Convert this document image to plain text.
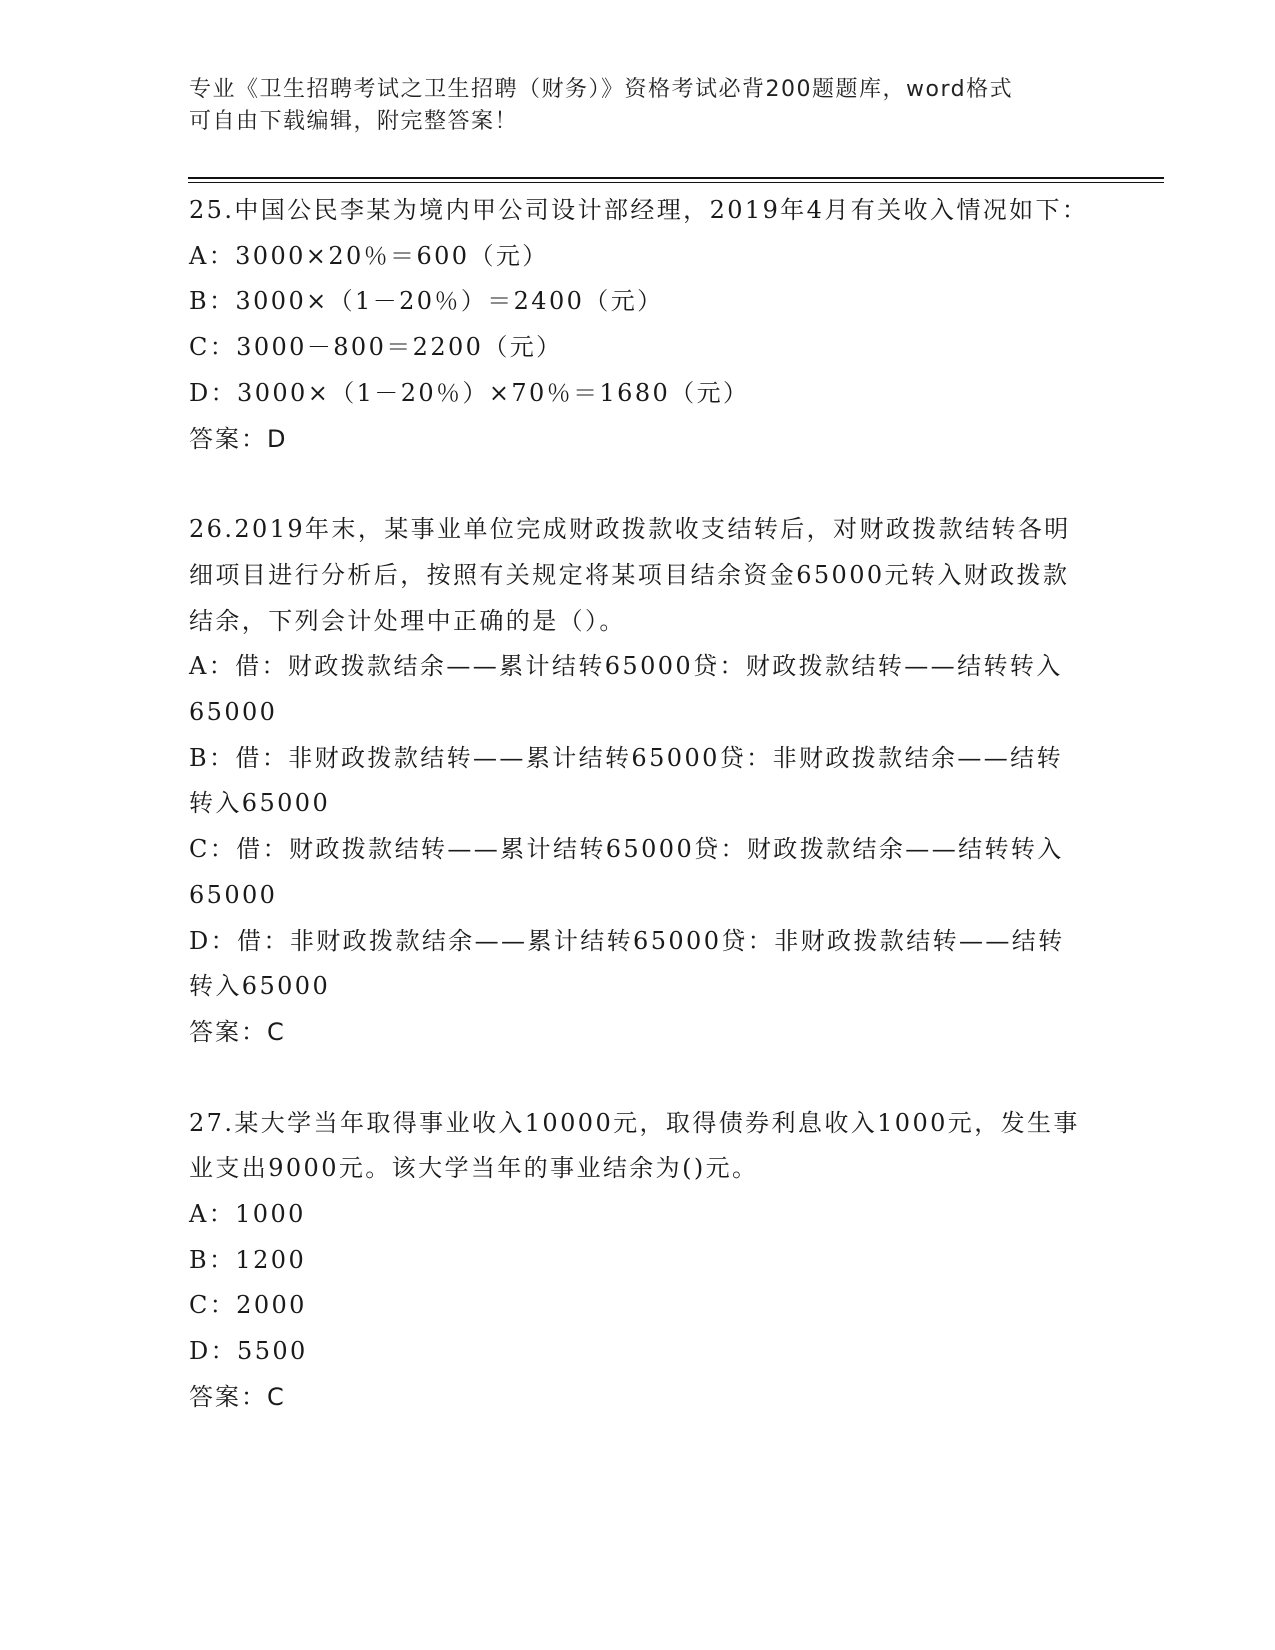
专业《卫生招聘考试之卫生招聘（财务）》资格考试必背200题题库，word格式
可自由下载编辑，附完整答案！

25.中国公民李某为境内甲公司设计部经理，2019年4月有关收入情况如下：

A：3000×20％＝600（元）

B：3000×（1－20％）＝2400（元）

C：3000－800＝2200（元）

D：3000×（1－20％）×70％＝1680（元）

答案：D

26.2019年末，某事业单位完成财政拨款收支结转后，对财政拨款结转各明细项目进行分析后，按照有关规定将某项目结余资金65000元转入财政拨款结余，下列会计处理中正确的是（）。

A：借：财政拨款结余——累计结转65000贷：财政拨款结转——结转转入65000

B：借：非财政拨款结转——累计结转65000贷：非财政拨款结余——结转转入65000

C：借：财政拨款结转——累计结转65000贷：财政拨款结余——结转转入65000

D：借：非财政拨款结余——累计结转65000贷：非财政拨款结转——结转转入65000

答案：C

27.某大学当年取得事业收入10000元，取得债券利息收入1000元，发生事业支出9000元。该大学当年的事业结余为()元。

A：1000

B：1200

C：2000

D：5500

答案：C
